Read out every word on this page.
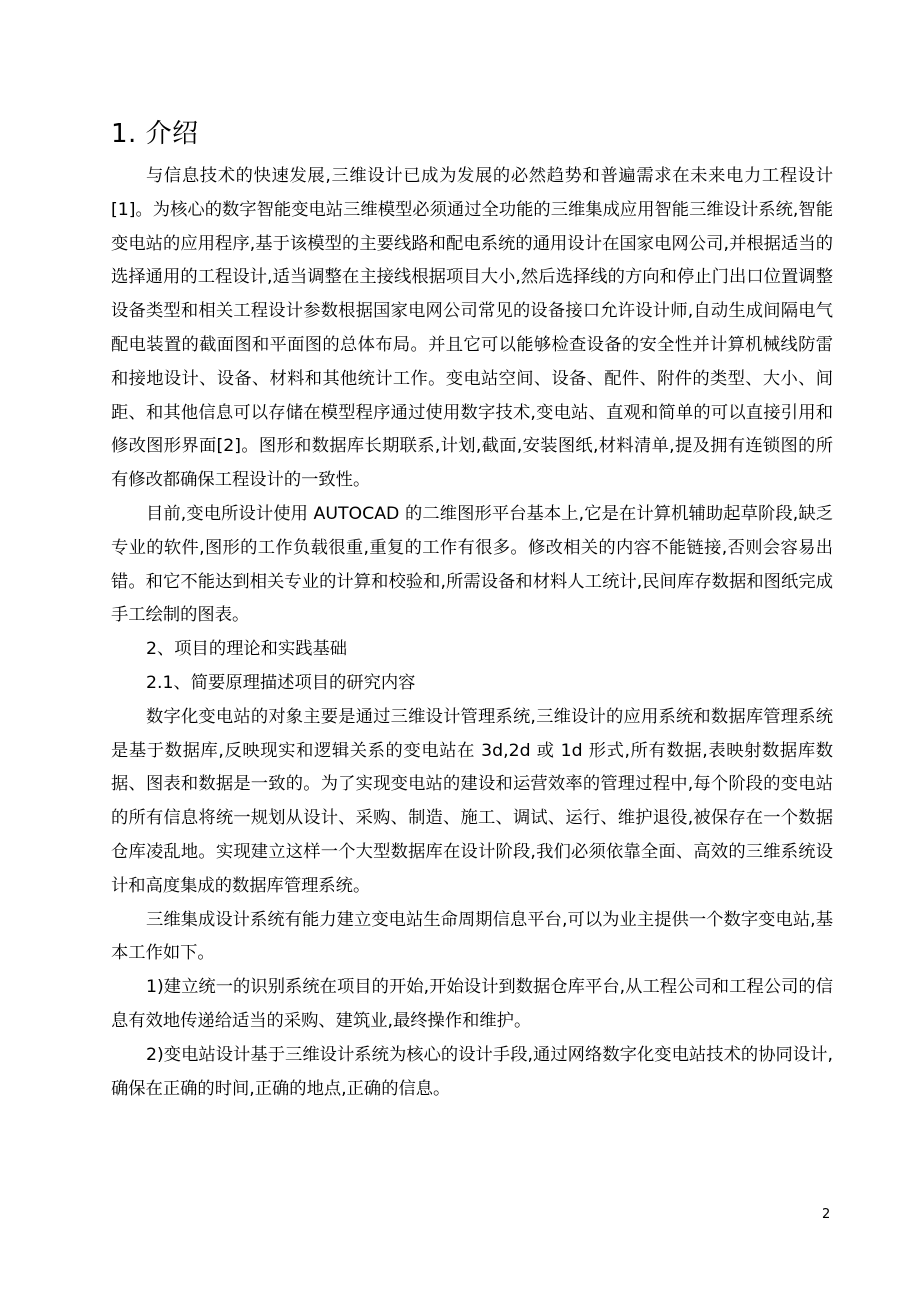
1. 介绍

与信息技术的快速发展,三维设计已成为发展的必然趋势和普遍需求在未来电力工程设计[1]。为核心的数字智能变电站三维模型必须通过全功能的三维集成应用智能三维设计系统,智能变电站的应用程序,基于该模型的主要线路和配电系统的通用设计在国家电网公司,并根据适当的选择通用的工程设计,适当调整在主接线根据项目大小,然后选择线的方向和停止门出口位置调整设备类型和相关工程设计参数根据国家电网公司常见的设备接口允许设计师,自动生成间隔电气配电装置的截面图和平面图的总体布局。并且它可以能够检查设备的安全性并计算机械线防雷和接地设计、设备、材料和其他统计工作。变电站空间、设备、配件、附件的类型、大小、间距、和其他信息可以存储在模型程序通过使用数字技术,变电站、直观和简单的可以直接引用和修改图形界面[2]。图形和数据库长期联系,计划,截面,安装图纸,材料清单,提及拥有连锁图的所有修改都确保工程设计的一致性。

目前,变电所设计使用 AUTOCAD 的二维图形平台基本上,它是在计算机辅助起草阶段,缺乏专业的软件,图形的工作负载很重,重复的工作有很多。修改相关的内容不能链接,否则会容易出错。和它不能达到相关专业的计算和校验和,所需设备和材料人工统计,民间库存数据和图纸完成手工绘制的图表。

2、项目的理论和实践基础

2.1、简要原理描述项目的研究内容

数字化变电站的对象主要是通过三维设计管理系统,三维设计的应用系统和数据库管理系统是基于数据库,反映现实和逻辑关系的变电站在 3d,2d 或 1d 形式,所有数据,表映射数据库数据、图表和数据是一致的。为了实现变电站的建设和运营效率的管理过程中,每个阶段的变电站的所有信息将统一规划从设计、采购、制造、施工、调试、运行、维护退役,被保存在一个数据仓库凌乱地。实现建立这样一个大型数据库在设计阶段,我们必须依靠全面、高效的三维系统设计和高度集成的数据库管理系统。

三维集成设计系统有能力建立变电站生命周期信息平台,可以为业主提供一个数字变电站,基本工作如下。

1)建立统一的识别系统在项目的开始,开始设计到数据仓库平台,从工程公司和工程公司的信息有效地传递给适当的采购、建筑业,最终操作和维护。

2)变电站设计基于三维设计系统为核心的设计手段,通过网络数字化变电站技术的协同设计,确保在正确的时间,正确的地点,正确的信息。

2
